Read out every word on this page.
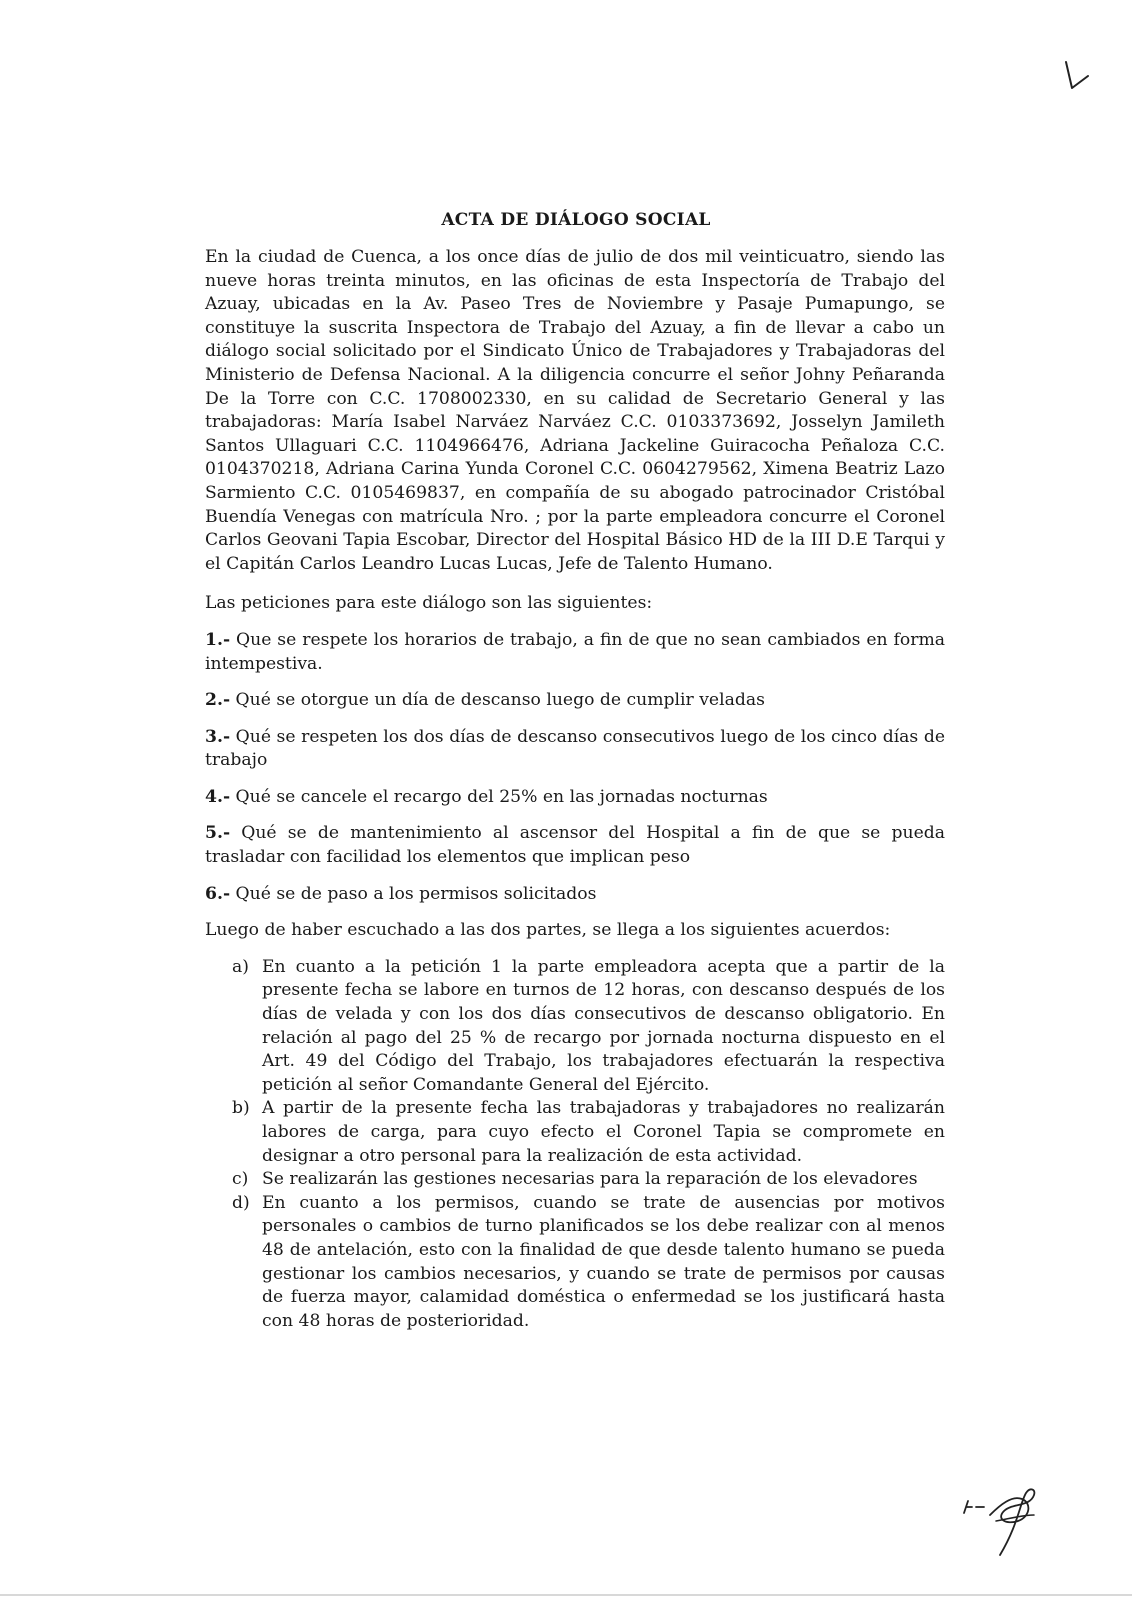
ACTA DE DIÁLOGO SOCIAL

En la ciudad de Cuenca, a los once días de julio de dos mil veinticuatro, siendo las nueve horas treinta minutos, en las oficinas de esta Inspectoría de Trabajo del Azuay, ubicadas en la Av. Paseo Tres de Noviembre y Pasaje Pumapungo, se constituye la suscrita Inspectora de Trabajo del Azuay, a fin de llevar a cabo un diálogo social solicitado por el Sindicato Único de Trabajadores y Trabajadoras del Ministerio de Defensa Nacional. A la diligencia concurre el señor Johny Peñaranda De la Torre con C.C. 1708002330, en su calidad de Secretario General y las trabajadoras: María Isabel Narváez Narváez C.C. 0103373692, Josselyn Jamileth Santos Ullaguari C.C. 1104966476, Adriana Jackeline Guiracocha Peñaloza C.C. 0104370218, Adriana Carina Yunda Coronel C.C. 0604279562, Ximena Beatriz Lazo Sarmiento C.C. 0105469837, en compañía de su abogado patrocinador Cristóbal Buendía Venegas con matrícula Nro. ; por la parte empleadora concurre el Coronel Carlos Geovani Tapia Escobar, Director del Hospital Básico HD de la III D.E Tarqui y el Capitán Carlos Leandro Lucas Lucas, Jefe de Talento Humano.

Las peticiones para este diálogo son las siguientes:

1.- Que se respete los horarios de trabajo, a fin de que no sean cambiados en forma intempestiva.

2.- Qué se otorgue un día de descanso luego de cumplir veladas

3.- Qué se respeten los dos días de descanso consecutivos luego de los cinco días de trabajo

4.- Qué se cancele el recargo del 25% en las jornadas nocturnas

5.- Qué se de mantenimiento al ascensor del Hospital a fin de que se pueda trasladar con facilidad los elementos que implican peso

6.- Qué se de paso a los permisos solicitados

Luego de haber escuchado a las dos partes, se llega a los siguientes acuerdos:

a) En cuanto a la petición 1 la parte empleadora acepta que a partir de la presente fecha se labore en turnos de 12 horas, con descanso después de los días de velada y con los dos días consecutivos de descanso obligatorio. En relación al pago del 25 % de recargo por jornada nocturna dispuesto en el Art. 49 del Código del Trabajo, los trabajadores efectuarán la respectiva petición al señor Comandante General del Ejército.
b) A partir de la presente fecha las trabajadoras y trabajadores no realizarán labores de carga, para cuyo efecto el Coronel Tapia se compromete en designar a otro personal para la realización de esta actividad.
c) Se realizarán las gestiones necesarias para la reparación de los elevadores
d) En cuanto a los permisos, cuando se trate de ausencias por motivos personales o cambios de turno planificados se los debe realizar con al menos 48 de antelación, esto con la finalidad de que desde talento humano se pueda gestionar los cambios necesarios, y cuando se trate de permisos por causas de fuerza mayor, calamidad doméstica o enfermedad se los justificará hasta con 48 horas de posterioridad.
